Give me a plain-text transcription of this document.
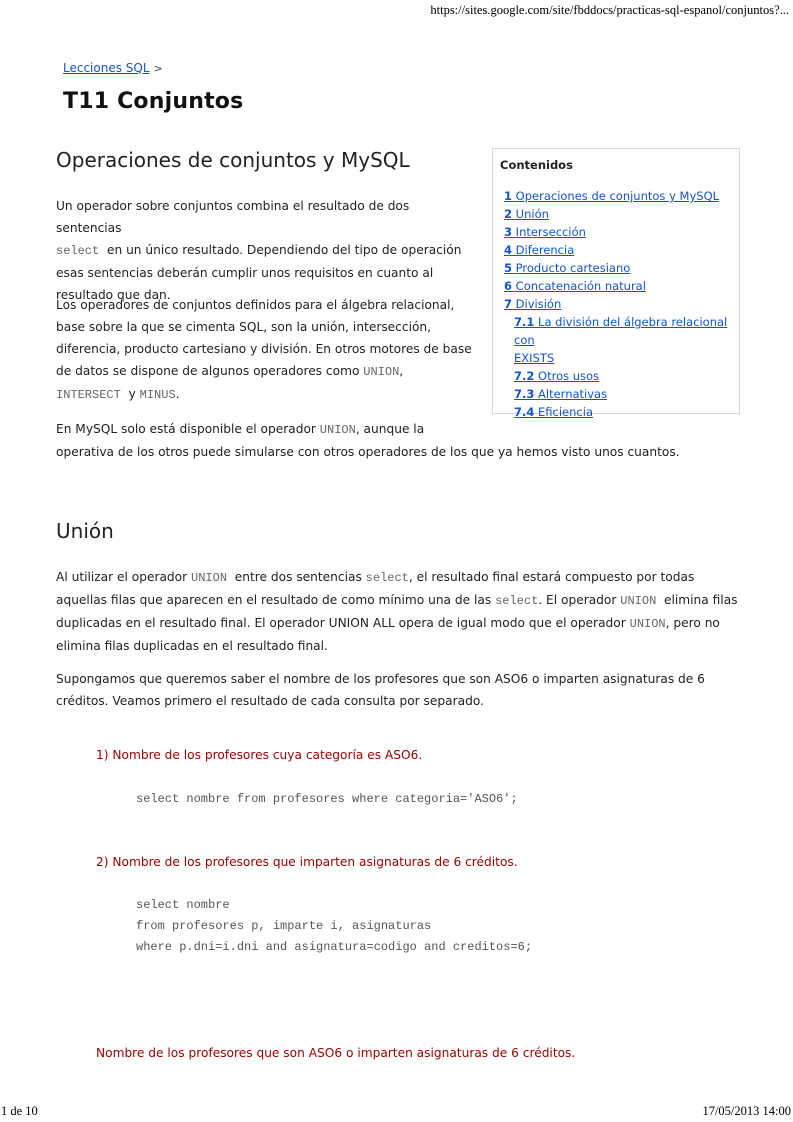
https://sites.google.com/site/fbddocs/practicas-sql-espanol/conjuntos?...
Lecciones SQL >
T11 Conjuntos
Operaciones de conjuntos y MySQL

Un operador sobre conjuntos combina el resultado de dos sentencias
select en un único resultado. Dependiendo del tipo de operación esas sentencias deberán cumplir unos requisitos en cuanto al resultado que dan.

Los operadores de conjuntos definidos para el álgebra relacional, base sobre la que se cimenta SQL, son la unión, intersección, diferencia, producto cartesiano y división. En otros motores de base de datos se dispone de algunos operadores como UNION,
INTERSECT y MINUS.

En MySQL solo está disponible el operador UNION, aunque la
operativa de los otros puede simularse con otros operadores de los que ya hemos visto unos cuantos.

Contenidos
1 Operaciones de conjuntos y MySQL
2 Unión
3 Intersección
4 Diferencia
5 Producto cartesiano
6 Concatenación natural
7 División
7.1 La división del álgebra relacional con
EXISTS
7.2 Otros usos
7.3 Alternativas
7.4 Eficiencia
Unión

Al utilizar el operador UNION entre dos sentencias select, el resultado final estará compuesto por todas aquellas filas que aparecen en el resultado de como mínimo una de las select. El operador UNION elimina filas duplicadas en el resultado final. El operador UNION ALL opera de igual modo que el operador UNION, pero no elimina filas duplicadas en el resultado final.

Supongamos que queremos saber el nombre de los profesores que son ASO6 o imparten asignaturas de 6 créditos. Veamos primero el resultado de cada consulta por separado.

1) Nombre de los profesores cuya categoría es ASO6.

select nombre from profesores where categoria='ASO6';

2) Nombre de los profesores que imparten asignaturas de 6 créditos.

select nombre
from profesores p, imparte i, asignaturas
where p.dni=i.dni and asignatura=codigo and creditos=6;

Nombre de los profesores que son ASO6 o imparten asignaturas de 6 créditos.

1 de 10	17/05/2013 14:00
